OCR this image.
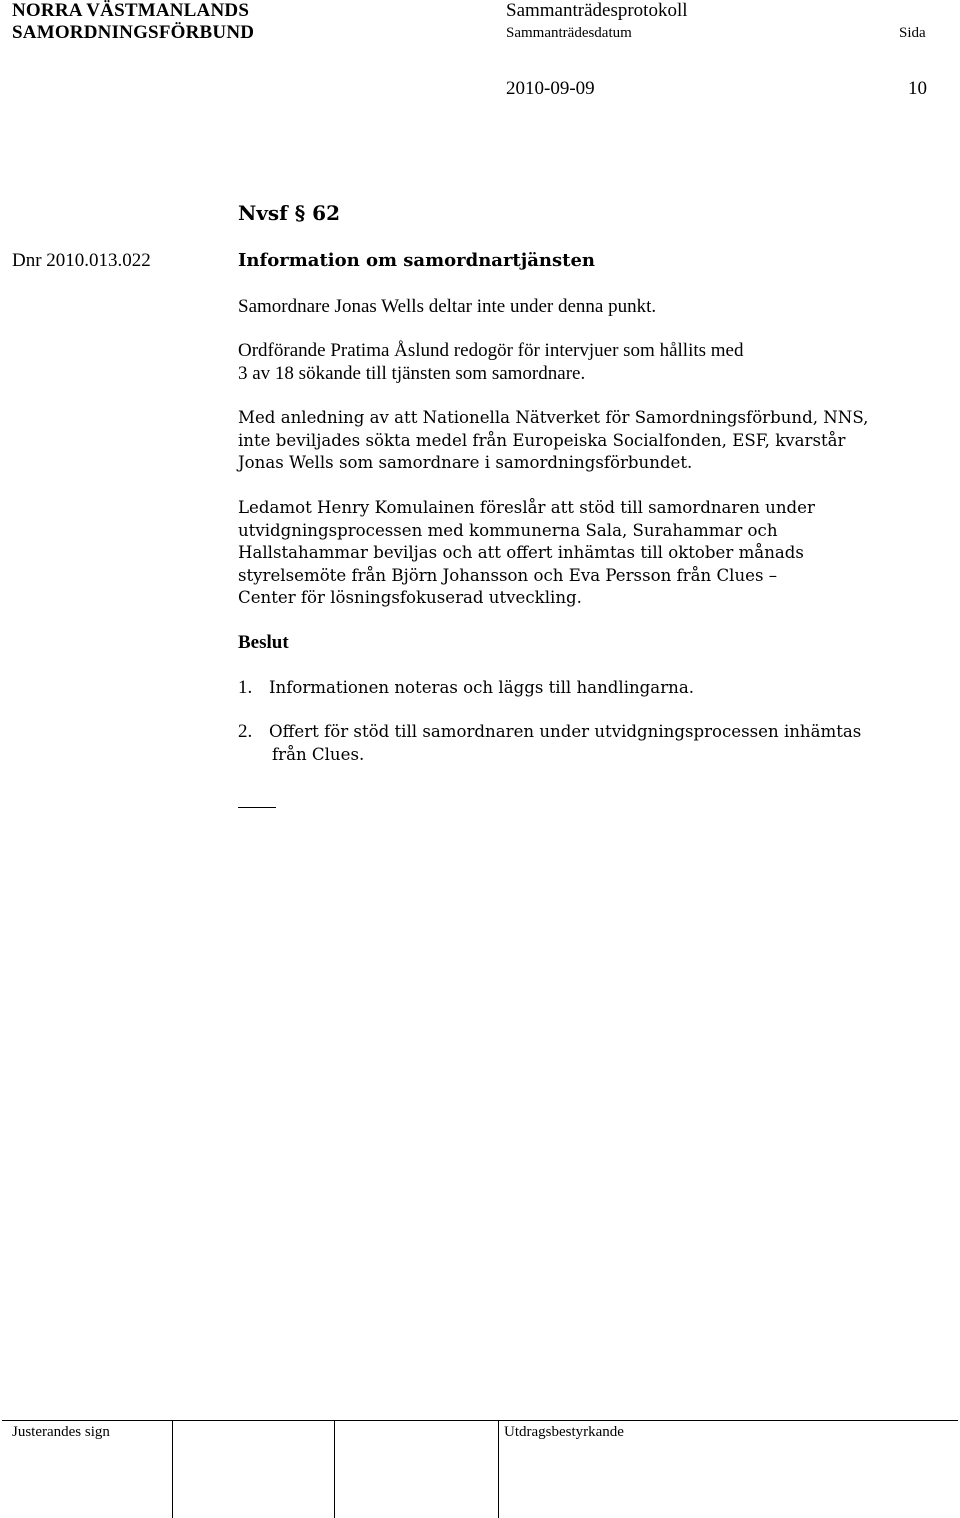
NORRA VÄSTMANLANDS
SAMORDNINGSFÖRBUND
Sammanträdesprotokoll
Sammanträdesdatum	Sida
2010-09-09	10
Nvsf § 62
Dnr 2010.013.022	Information om samordnartjänsten
Samordnare Jonas Wells deltar inte under denna punkt.
Ordförande Pratima Åslund redogör för intervjuer som hållits med
3 av 18 sökande till tjänsten som samordnare.
Med anledning av att Nationella Nätverket för Samordningsförbund, NNS,
inte beviljades sökta medel från Europeiska Socialfonden, ESF, kvarstår
Jonas Wells som samordnare i samordningsförbundet.
Ledamot Henry Komulainen föreslår att stöd till samordnaren under
utvidgningsprocessen med kommunerna Sala, Surahammar och
Hallstahammar beviljas och att offert inhämtas till oktober månads
styrelsemöte från Björn Johansson och Eva Persson från Clues –
Center för lösningsfokuserad utveckling.
Beslut
1. Informationen noteras och läggs till handlingarna.
2. Offert för stöd till samordnaren under utvidgningsprocessen inhämtas
från Clues.
Justerandes sign	Utdragsbestyrkande
